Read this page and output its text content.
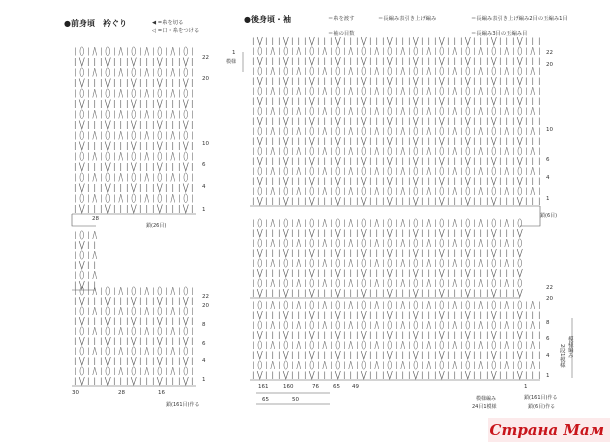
●前身頃　衿ぐり	◀ =糸を切る
◁ =口・糸をつける
22
20
10
6
4
1
28
鎖(26目)
22
20
8
6
4
1
30	28	16
鎖(161目)作る
●後身頃・袖	＝糸を渡す	＝長編み表引き上げ編み	＝長編み表引き上げ編み2目の玉編み1目
＝袖の目数	＝長編み3目の玉編み目
1
模様
22
20
10
6
4
1
鎖(6目)
22
20
8
6
4
1
模様編み
2段1模様
161	160	76	65 49	1
65	50	模様編み
24目1模様
鎖(161目)作る
鎖(6目)作る
Страна Мам
